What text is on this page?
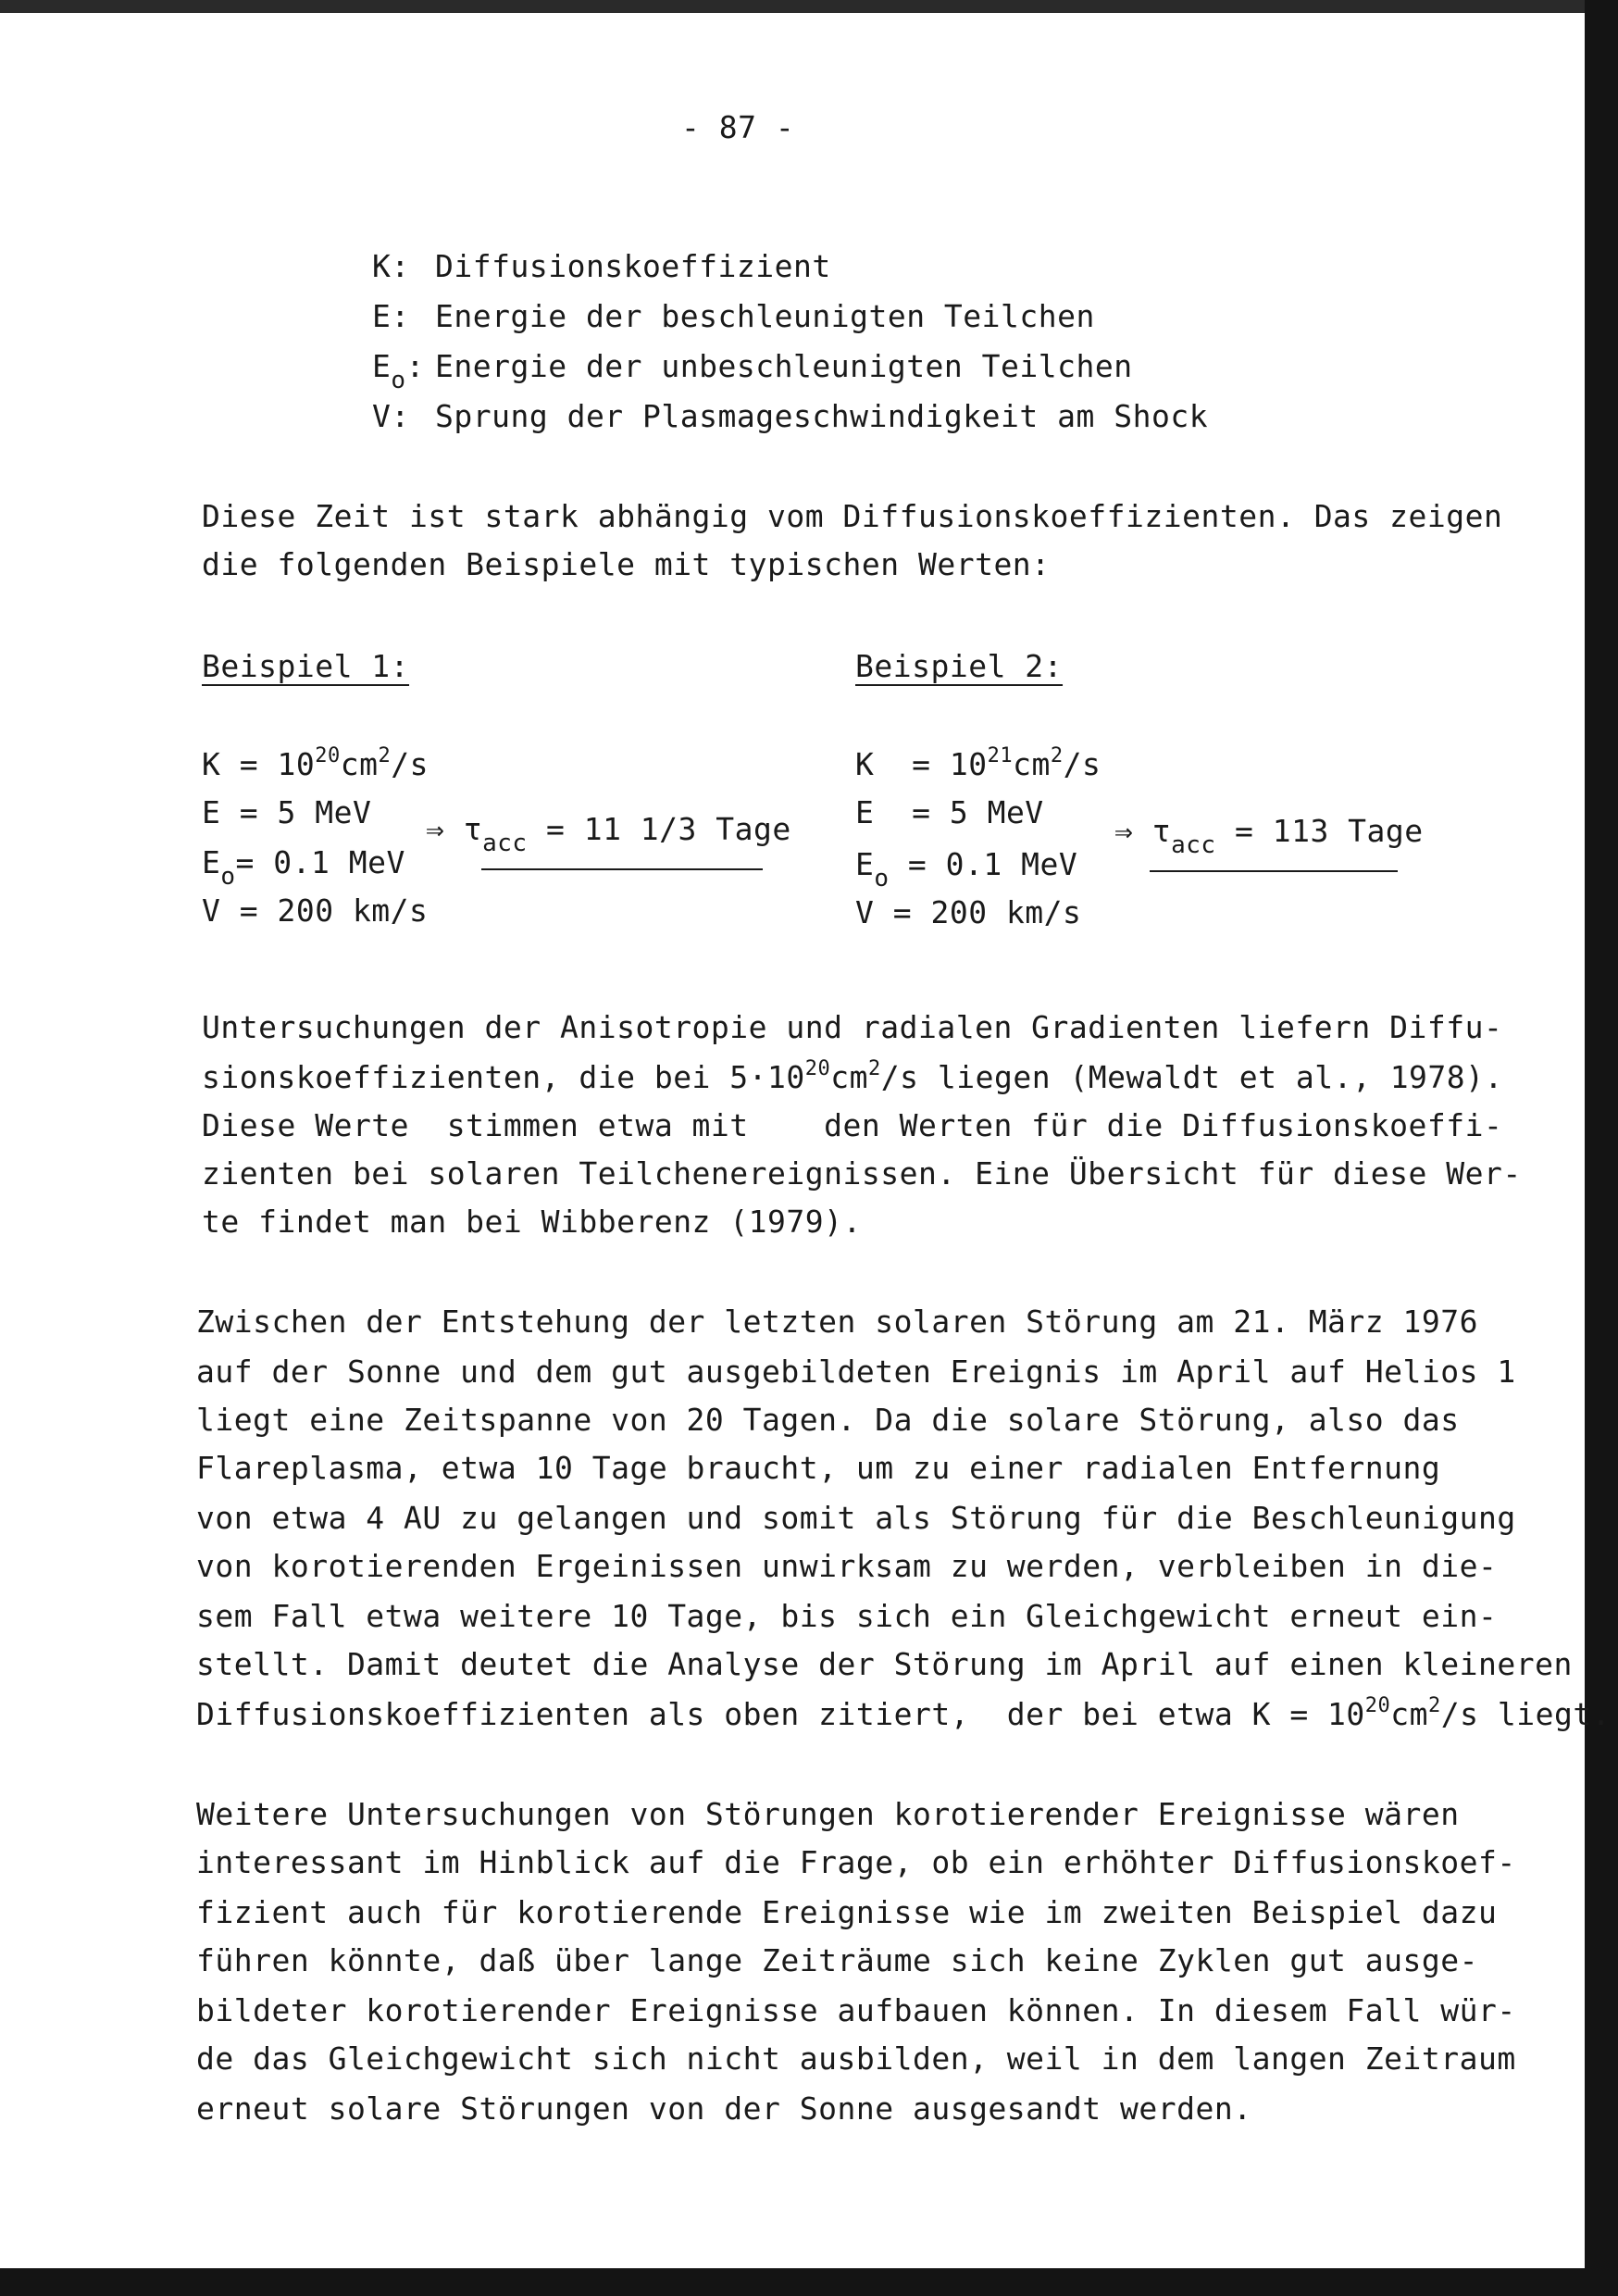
- 87 -
K: Diffusionskoeffizient
E: Energie der beschleunigten Teilchen
$E_o$: Energie der unbeschleunigten Teilchen
V: Sprung der Plasmageschwindigkeit am Shock
Diese Zeit ist stark abhängig vom Diffusionskoeffizienten. Das zeigen
die folgenden Beispiele mit typischen Werten:
Beispiel 1:
$K = 10^{20}cm^2/s$
E = 5 MeV
$E_o= 0.1$ MeV
V = 200 km/s
⇒ $\tau_{acc} = 11$ 1/3 Tage
Beispiel 2:
$K = 10^{21}cm^2/s$
E  = 5 MeV
$E_o = 0.1$ MeV
V = 200 km/s
⇒ $\tau_{acc} = 113$ Tage
Untersuchungen der Anisotropie und radialen Gradienten liefern Diffu-
sionskoeffizienten, die bei $5\cdot 10^{20}cm^2/s$ liegen (Mewaldt et al., 1978).
Diese Werte  stimmen etwa mit    den Werten für die Diffusionskoeffi-
zienten bei solaren Teilchenereignissen. Eine Übersicht für diese Wer-
te findet man bei Wibberenz (1979).
Zwischen der Entstehung der letzten solaren Störung am 21. März 1976
auf der Sonne und dem gut ausgebildeten Ereignis im April auf Helios 1
liegt eine Zeitspanne von 20 Tagen. Da die solare Störung, also das
Flareplasma, etwa 10 Tage braucht, um zu einer radialen Entfernung
von etwa 4 AU zu gelangen und somit als Störung für die Beschleunigung
von korotierenden Ergeinissen unwirksam zu werden, verbleiben in die-
sem Fall etwa weitere 10 Tage, bis sich ein Gleichgewicht erneut ein-
stellt. Damit deutet die Analyse der Störung im April auf einen kleineren
Diffusionskoeffizienten als oben zitiert,  der bei etwa $K = 10^{20}cm^2/s$ liegt.
Weitere Untersuchungen von Störungen korotierender Ereignisse wären
interessant im Hinblick auf die Frage, ob ein erhöhter Diffusionskoef-
fizient auch für korotierende Ereignisse wie im zweiten Beispiel dazu
führen könnte, daß über lange Zeiträume sich keine Zyklen gut ausge-
bildeter korotierender Ereignisse aufbauen können. In diesem Fall wür-
de das Gleichgewicht sich nicht ausbilden, weil in dem langen Zeitraum
erneut solare Störungen von der Sonne ausgesandt werden.
